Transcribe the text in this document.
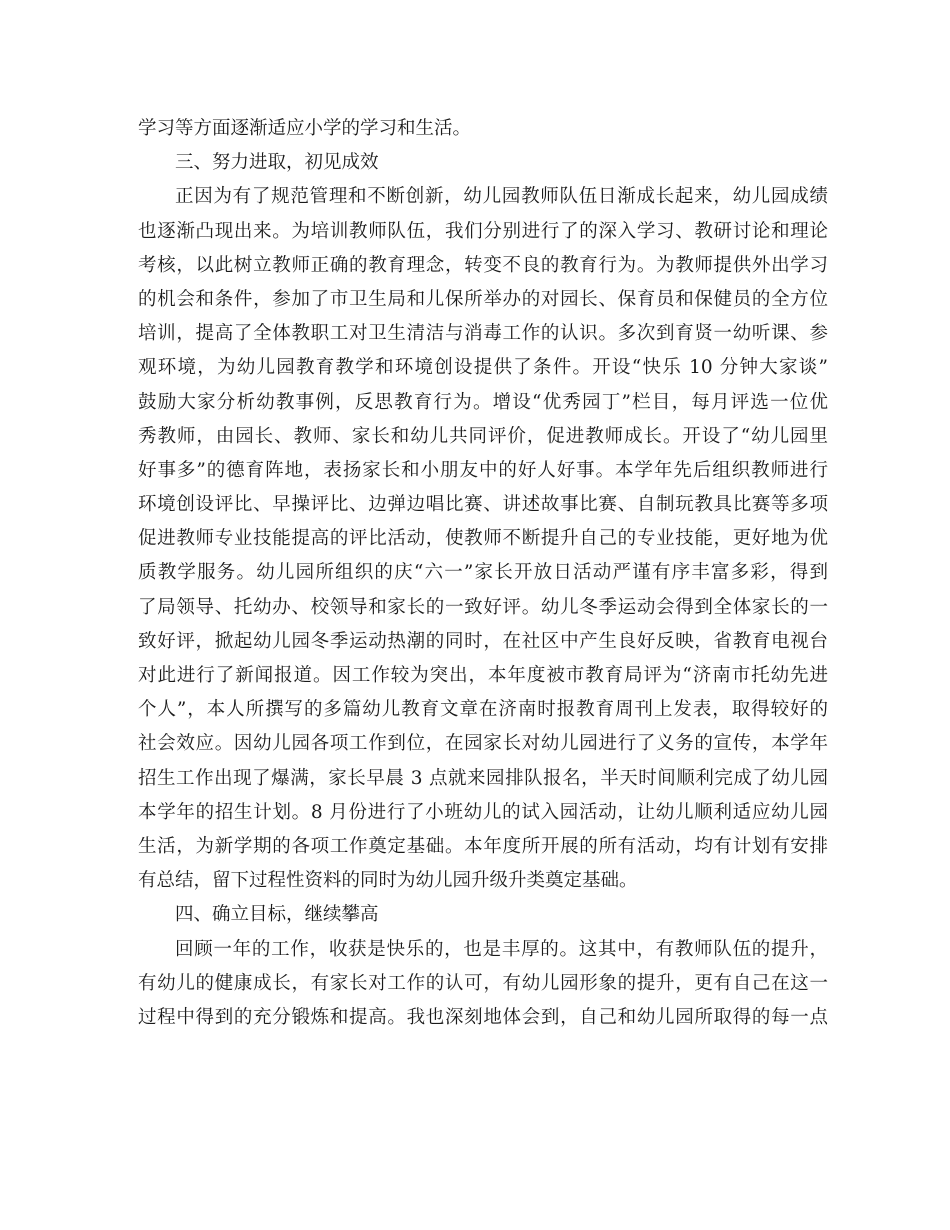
学习等方面逐渐适应小学的学习和生活。
三、努力进取，初见成效
正因为有了规范管理和不断创新，幼儿园教师队伍日渐成长起来，幼儿园成绩
也逐渐凸现出来。为培训教师队伍，我们分别进行了的深入学习、教研讨论和理论
考核，以此树立教师正确的教育理念，转变不良的教育行为。为教师提供外出学习
的机会和条件，参加了市卫生局和儿保所举办的对园长、保育员和保健员的全方位
培训，提高了全体教职工对卫生清洁与消毒工作的认识。多次到育贤一幼听课、参
观环境，为幼儿园教育教学和环境创设提供了条件。开设“快乐 10 分钟大家谈”
鼓励大家分析幼教事例，反思教育行为。增设“优秀园丁”栏目，每月评选一位优
秀教师，由园长、教师、家长和幼儿共同评价，促进教师成长。开设了“幼儿园里
好事多”的德育阵地，表扬家长和小朋友中的好人好事。本学年先后组织教师进行
环境创设评比、早操评比、边弹边唱比赛、讲述故事比赛、自制玩教具比赛等多项
促进教师专业技能提高的评比活动，使教师不断提升自己的专业技能，更好地为优
质教学服务。幼儿园所组织的庆“六一”家长开放日活动严谨有序丰富多彩，得到
了局领导、托幼办、校领导和家长的一致好评。幼儿冬季运动会得到全体家长的一
致好评，掀起幼儿园冬季运动热潮的同时，在社区中产生良好反映，省教育电视台
对此进行了新闻报道。因工作较为突出，本年度被市教育局评为“济南市托幼先进
个人”，本人所撰写的多篇幼儿教育文章在济南时报教育周刊上发表，取得较好的
社会效应。因幼儿园各项工作到位，在园家长对幼儿园进行了义务的宣传，本学年
招生工作出现了爆满，家长早晨 3 点就来园排队报名，半天时间顺利完成了幼儿园
本学年的招生计划。8 月份进行了小班幼儿的试入园活动，让幼儿顺利适应幼儿园
生活，为新学期的各项工作奠定基础。本年度所开展的所有活动，均有计划有安排
有总结，留下过程性资料的同时为幼儿园升级升类奠定基础。
四、确立目标，继续攀高
回顾一年的工作，收获是快乐的，也是丰厚的。这其中，有教师队伍的提升，
有幼儿的健康成长，有家长对工作的认可，有幼儿园形象的提升，更有自己在这一
过程中得到的充分锻炼和提高。我也深刻地体会到，自己和幼儿园所取得的每一点
